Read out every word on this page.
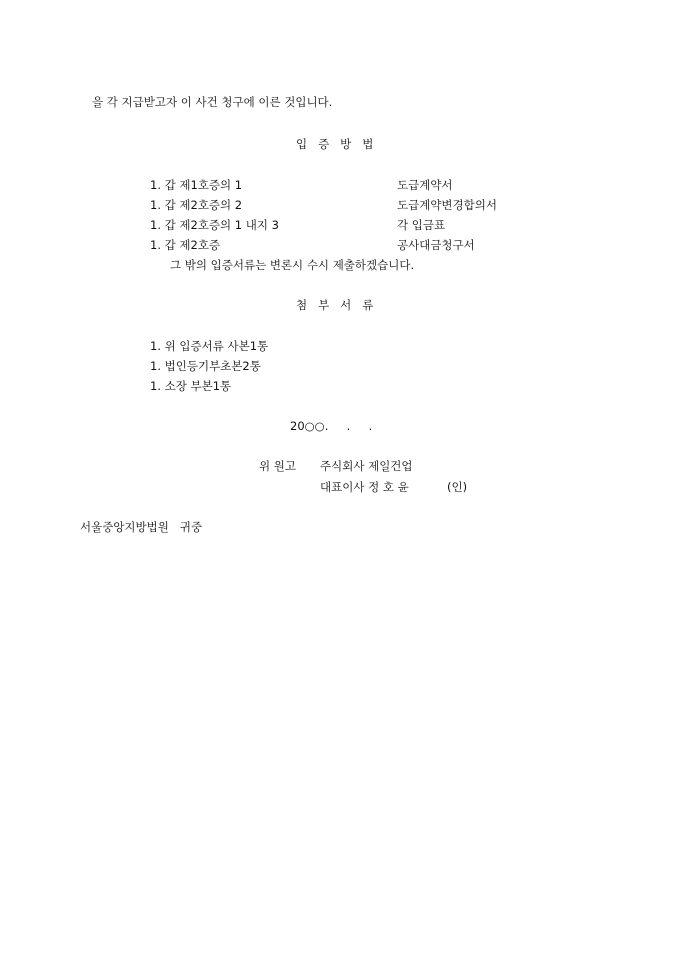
을 각 지급받고자 이 사건 청구에 이른 것입니다.
입   증   방   법
1. 갑 제1호증의 1	도급계약서
1. 갑 제2호증의 2	도급계약변경합의서
1. 갑 제2호증의 1 내지 3	각 입금표
1. 갑 제2호증	공사대금청구서
그 밖의 입증서류는 변론시 수시 제출하겠습니다.
첨   부   서   류
1. 위 입증서류 사본1통
1. 법인등기부초본2통
1. 소장 부본1통
20○○.     .     .
위 원고 주식회사 제일건업
대표이사 정 호 윤	(인)
서울중앙지방법원   귀중
